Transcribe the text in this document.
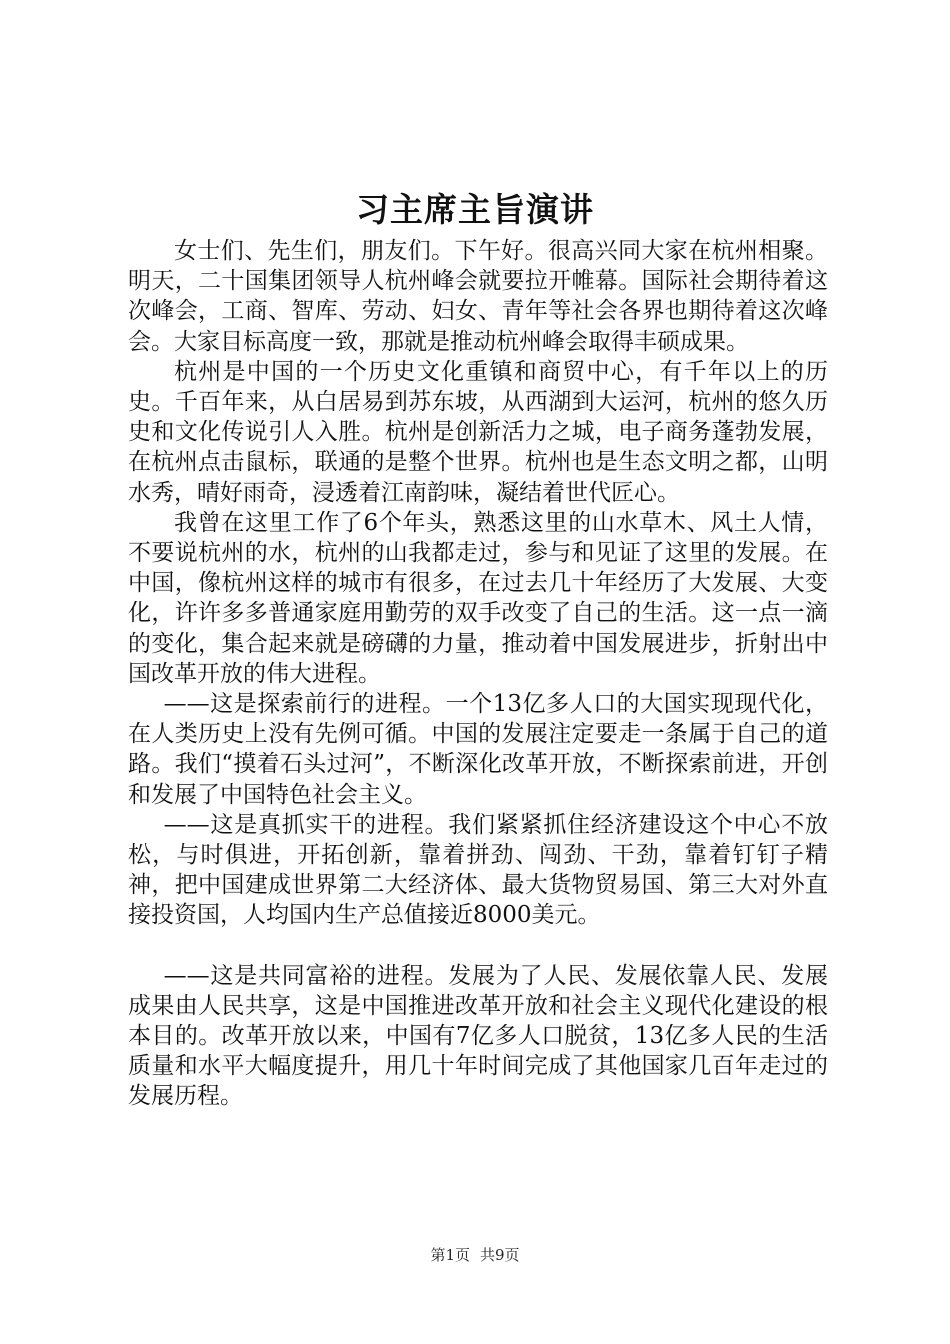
习主席主旨演讲

女士们、先生们，朋友们。下午好。很高兴同大家在杭州相聚。明天，二十国集团领导人杭州峰会就要拉开帷幕。国际社会期待着这次峰会，工商、智库、劳动、妇女、青年等社会各界也期待着这次峰会。大家目标高度一致，那就是推动杭州峰会取得丰硕成果。

杭州是中国的一个历史文化重镇和商贸中心，有千年以上的历史。千百年来，从白居易到苏东坡，从西湖到大运河，杭州的悠久历史和文化传说引人入胜。杭州是创新活力之城，电子商务蓬勃发展，在杭州点击鼠标，联通的是整个世界。杭州也是生态文明之都，山明水秀，晴好雨奇，浸透着江南韵味，凝结着世代匠心。

我曾在这里工作了6个年头，熟悉这里的山水草木、风土人情，不要说杭州的水，杭州的山我都走过，参与和见证了这里的发展。在中国，像杭州这样的城市有很多，在过去几十年经历了大发展、大变化，许许多多普通家庭用勤劳的双手改变了自己的生活。这一点一滴的变化，集合起来就是磅礴的力量，推动着中国发展进步，折射出中国改革开放的伟大进程。

——这是探索前行的进程。一个13亿多人口的大国实现现代化，在人类历史上没有先例可循。中国的发展注定要走一条属于自己的道路。我们“摸着石头过河”，不断深化改革开放，不断探索前进，开创和发展了中国特色社会主义。

——这是真抓实干的进程。我们紧紧抓住经济建设这个中心不放松，与时俱进，开拓创新，靠着拼劲、闯劲、干劲，靠着钉钉子精神，把中国建成世界第二大经济体、最大货物贸易国、第三大对外直接投资国，人均国内生产总值接近8000美元。

——这是共同富裕的进程。发展为了人民、发展依靠人民、发展成果由人民共享，这是中国推进改革开放和社会主义现代化建设的根本目的。改革开放以来，中国有7亿多人口脱贫，13亿多人民的生活质量和水平大幅度提升，用几十年时间完成了其他国家几百年走过的发展历程。

第1页 共9页
